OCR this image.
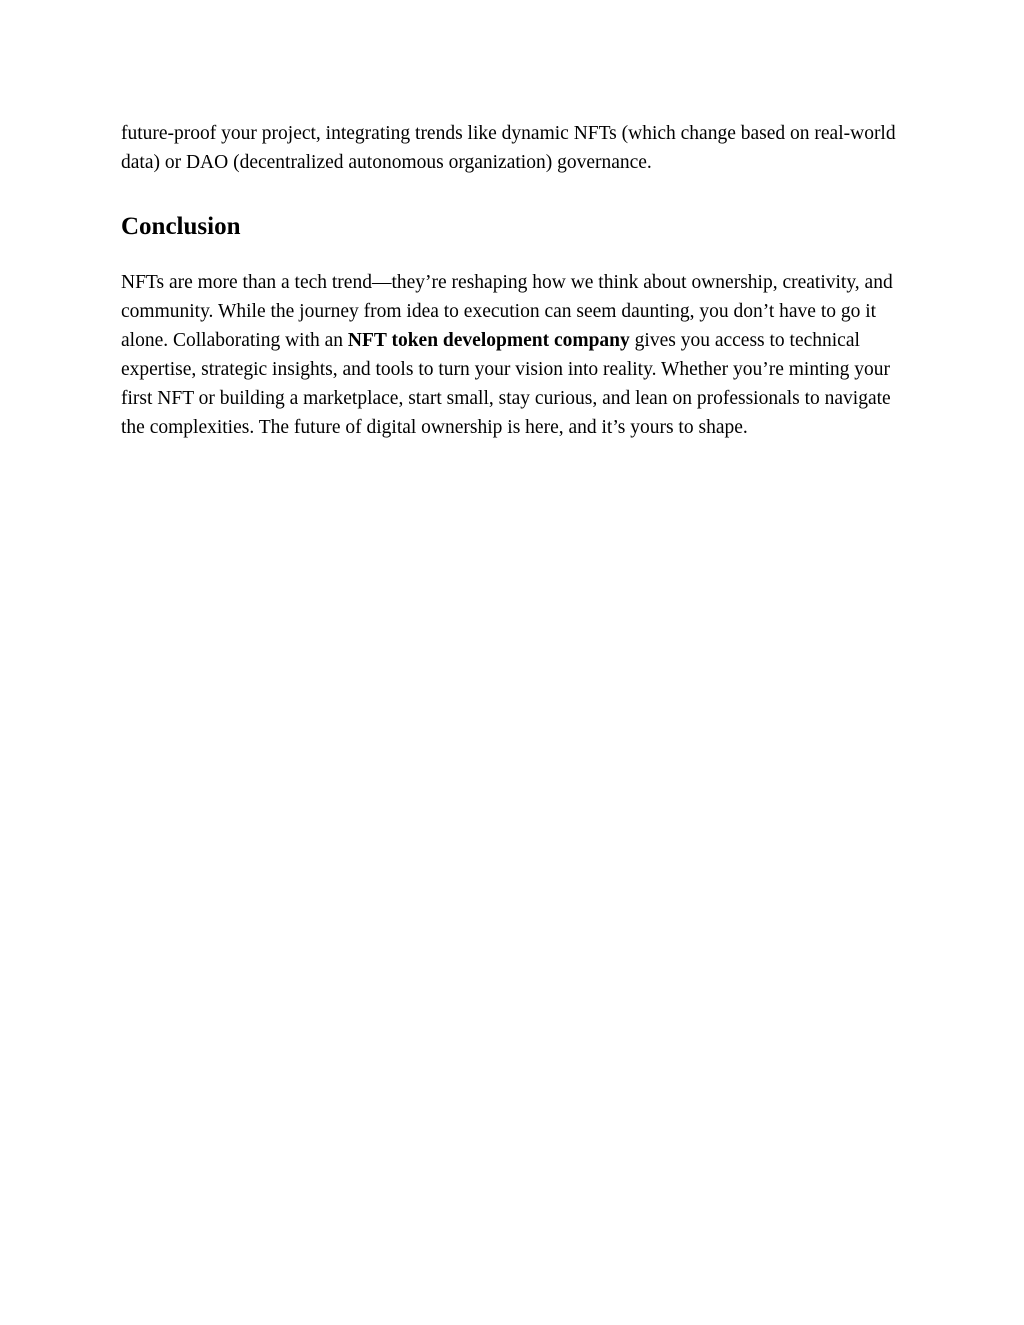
future-proof your project, integrating trends like dynamic NFTs (which change based on real-world data) or DAO (decentralized autonomous organization) governance.

Conclusion

NFTs are more than a tech trend—they’re reshaping how we think about ownership, creativity, and community. While the journey from idea to execution can seem daunting, you don’t have to go it alone. Collaborating with an NFT token development company gives you access to technical expertise, strategic insights, and tools to turn your vision into reality. Whether you’re minting your first NFT or building a marketplace, start small, stay curious, and lean on professionals to navigate the complexities. The future of digital ownership is here, and it’s yours to shape.
